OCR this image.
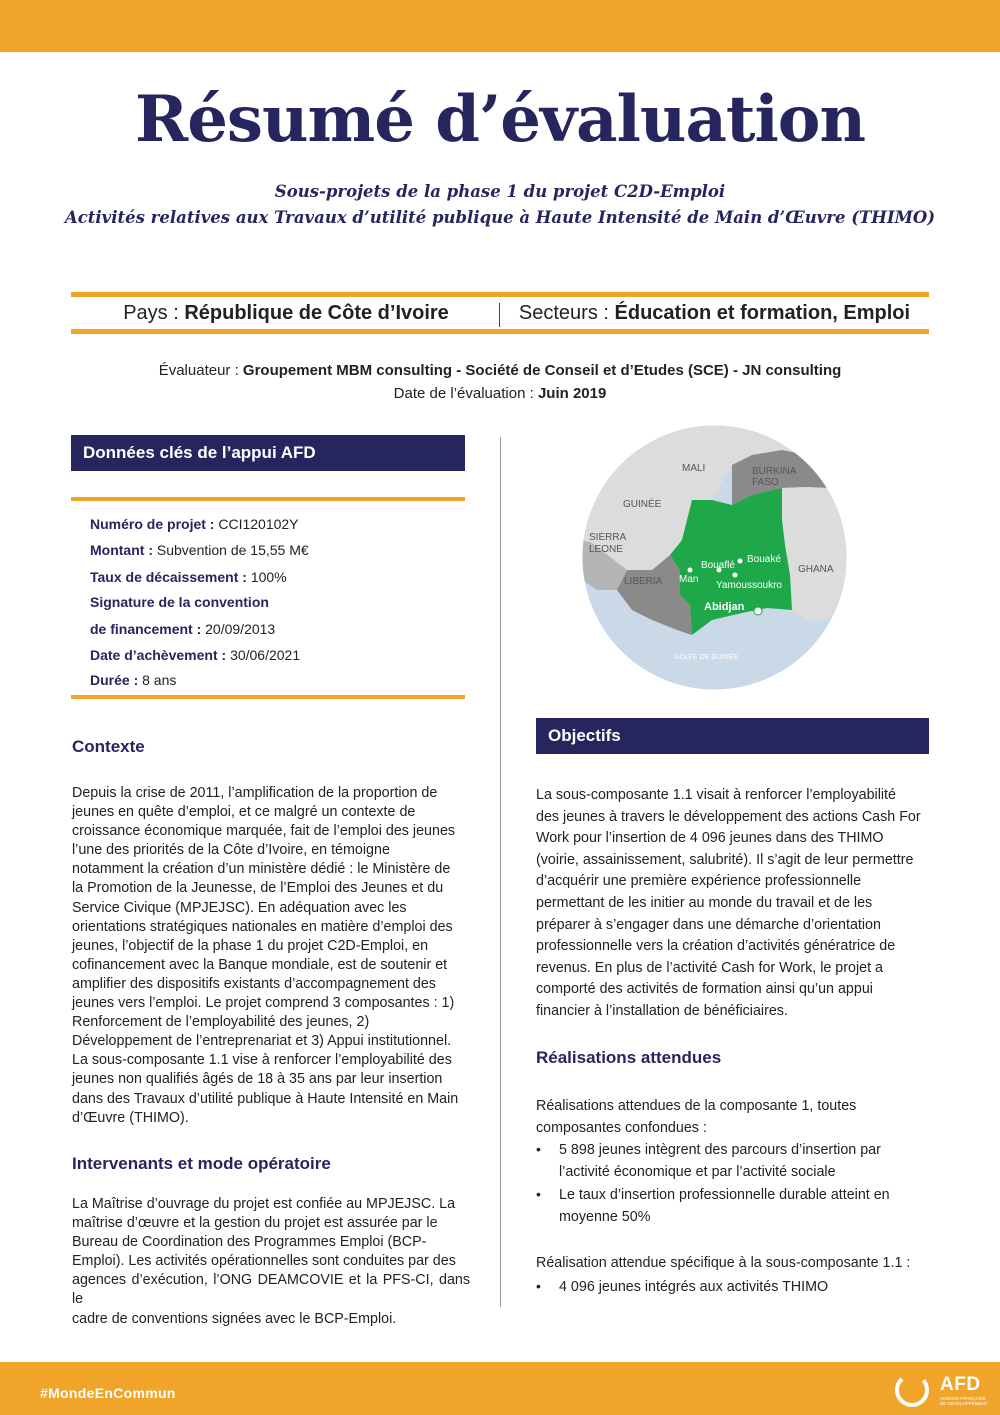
Résumé d’évaluation
Sous-projets de la phase 1 du projet C2D-Emploi
Activités relatives aux Travaux d’utilité publique à Haute Intensité de Main d’Œuvre (THIMO)
Pays : République de Côte d’Ivoire	Secteurs : Éducation et formation, Emploi
Évaluateur : Groupement MBM consulting - Société de Conseil et d’Etudes (SCE) - JN consulting
Date de l’évaluation : Juin 2019
Données clés de l’appui AFD
Numéro de projet : CCI120102Y
Montant : Subvention de 15,55 M€
Taux de décaissement : 100%
Signature de la convention
de financement : 20/09/2013
Date d’achèvement : 30/06/2021
Durée : 8 ans
MALI	BURKINA
FASO
GUINÉE
SIERRA
LEONE
LIBERIA
GHANA
GOLFE DE GUINÉE
Bouaké
Bouaflé
Man
Yamoussoukro
Abidjan
Objectifs
Contexte
Depuis la crise de 2011, l’amplification de la proportion de
jeunes en quête d’emploi, et ce malgré un contexte de
croissance économique marquée, fait de l’emploi des jeunes
l’une des priorités de la Côte d’Ivoire, en témoigne
notamment la création d’un ministère dédié : le Ministère de
la Promotion de la Jeunesse, de l’Emploi des Jeunes et du
Service Civique (MPJEJSC). En adéquation avec les
orientations stratégiques nationales en matière d’emploi des
jeunes, l’objectif de la phase 1 du projet C2D-Emploi, en
cofinancement avec la Banque mondiale, est de soutenir et
amplifier des dispositifs existants d’accompagnement des
jeunes vers l’emploi. Le projet comprend 3 composantes : 1)
Renforcement de l’employabilité des jeunes, 2)
Développement de l’entreprenariat et 3) Appui institutionnel.
La sous-composante 1.1 vise à renforcer l’employabilité des
jeunes non qualifiés âgés de 18 à 35 ans par leur insertion
dans des Travaux d’utilité publique à Haute Intensité en Main
d’Œuvre (THIMO).
Intervenants et mode opératoire
La Maîtrise d’ouvrage du projet est confiée au MPJEJSC. La
maîtrise d’œuvre et la gestion du projet est assurée par le
Bureau de Coordination des Programmes Emploi (BCP-
Emploi). Les activités opérationnelles sont conduites par des
agences d’exécution, l’ONG DEAMCOVIE et la PFS-CI, dans le
cadre de conventions signées avec le BCP-Emploi.
La sous-composante 1.1 visait à renforcer l’employabilité
des jeunes à travers le développement des actions Cash For
Work pour l’insertion de 4 096 jeunes dans des THIMO
(voirie, assainissement, salubrité). Il s’agit de leur permettre
d’acquérir une première expérience professionnelle
permettant de les initier au monde du travail et de les
préparer à s’engager dans une démarche d’orientation
professionnelle vers la création d’activités génératrice de
revenus. En plus de l’activité Cash for Work, le projet a
comporté des activités de formation ainsi qu’un appui
financier à l’installation de bénéficiaires.
Réalisations attendues
Réalisations attendues de la composante 1, toutes
composantes confondues :
• 5 898 jeunes intègrent des parcours d’insertion par
l’activité économique et par l’activité sociale
• Le taux d’insertion professionnelle durable atteint en
moyenne 50%
Réalisation attendue spécifique à la sous-composante 1.1 :
• 4 096 jeunes intégrés aux activités THIMO
#MondeEnCommun	AFD
AGENCE FRANÇAISE DE DÉVELOPPEMENT
